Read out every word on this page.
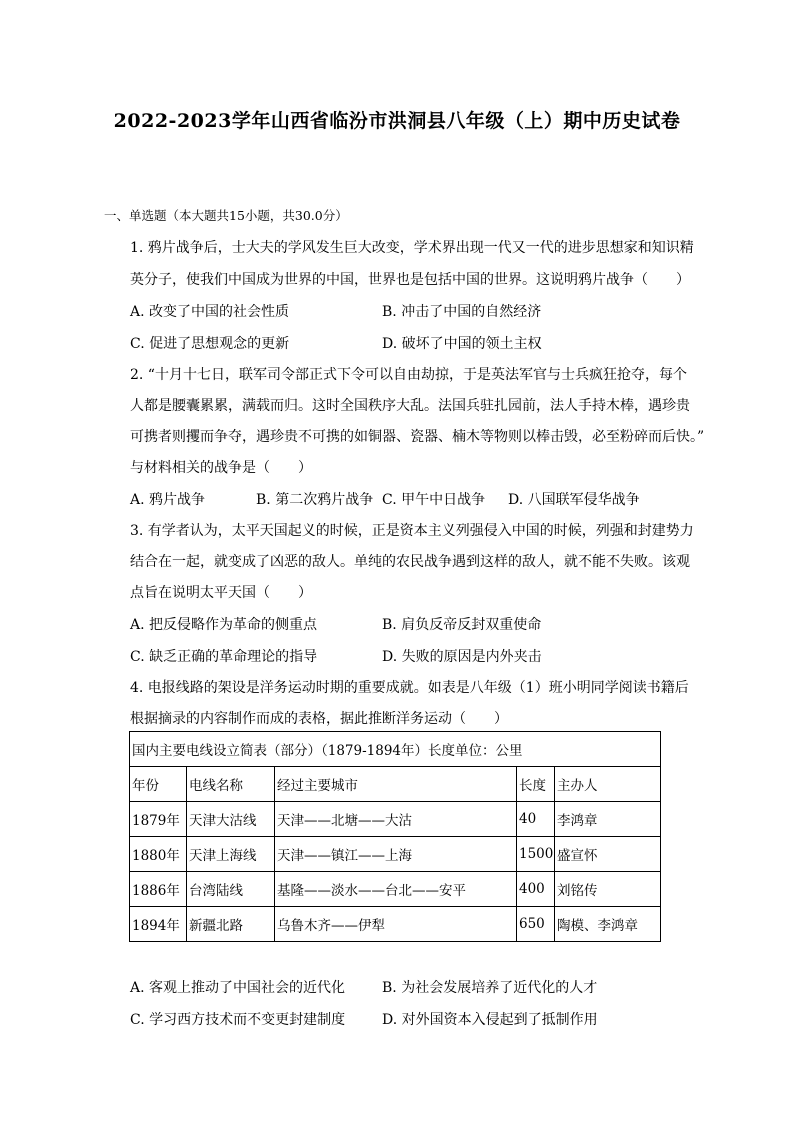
2022-2023学年山西省临汾市洪洞县八年级（上）期中历史试卷

一、单选题（本大题共15小题，共30.0分）

1. 鸦片战争后，士大夫的学风发生巨大改变，学术界出现一代又一代的进步思想家和知识精

英分子，使我们中国成为世界的中国，世界也是包括中国的世界。这说明鸦片战争（　　）

A. 改变了中国的社会性质	B. 冲击了中国的自然经济
C. 促进了思想观念的更新	D. 破坏了中国的领土主权

2. “十月十七日，联军司令部正式下令可以自由劫掠，于是英法军官与士兵疯狂抢夺，每个

人都是腰囊累累，满载而归。这时全国秩序大乱。法国兵驻扎园前，法人手持木棒，遇珍贵

可携者则攫而争夺，遇珍贵不可携的如铜器、瓷器、楠木等物则以棒击毁，必至粉碎而后快。”

与材料相关的战争是（　　）

A. 鸦片战争	B. 第二次鸦片战争 C. 甲午中日战争 D. 八国联军侵华战争

3. 有学者认为，太平天国起义的时候，正是资本主义列强侵入中国的时候，列强和封建势力

结合在一起，就变成了凶恶的敌人。单纯的农民战争遇到这样的敌人，就不能不失败。该观

点旨在说明太平天国（　　）

A. 把反侵略作为革命的侧重点	B. 肩负反帝反封双重使命
C. 缺乏正确的革命理论的指导	D. 失败的原因是内外夹击

4. 电报线路的架设是洋务运动时期的重要成就。如表是八年级（1）班小明同学阅读书籍后

根据摘录的内容制作而成的表格，据此推断洋务运动（　　）

国内主要电线设立简表（部分）（1879-1894年）长度单位：公里				
年份	电线名称	经过主要城市	长度	主办人
1879年	天津大沽线	天津——北塘——大沽	40	李鸿章
1880年	天津上海线	天津——镇江——上海	1500	盛宣怀
1886年	台湾陆线	基隆——淡水——台北——安平	400	刘铭传
1894年	新疆北路	乌鲁木齐——伊犁	650	陶模、李鸿章
A. 客观上推动了中国社会的近代化	B. 为社会发展培养了近代化的人才
C. 学习西方技术而不变更封建制度	D. 对外国资本入侵起到了抵制作用
